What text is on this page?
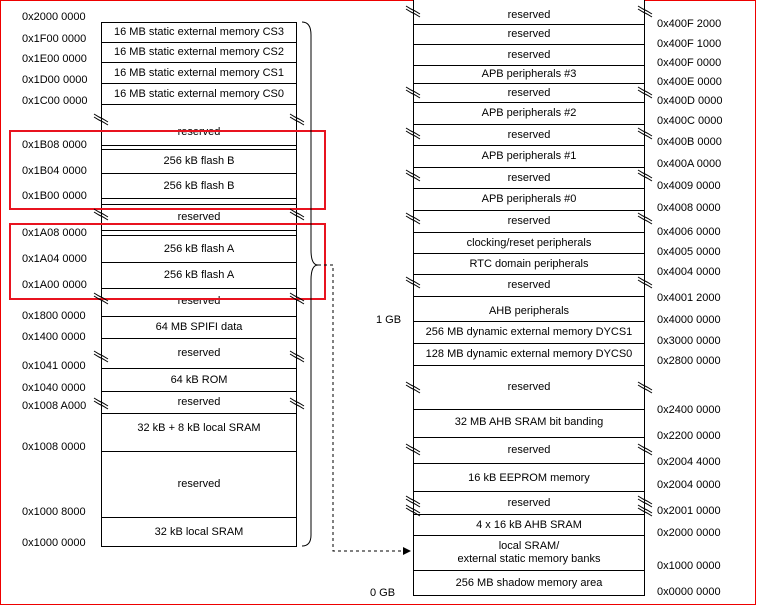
16 MB static external memory CS3
16 MB static external memory CS2
16 MB static external memory CS1
16 MB static external memory CS0
reserved
256 kB flash B
256 kB flash B
reserved
256 kB flash A
256 kB flash A
reserved
64 MB SPIFI data
reserved
64 kB ROM
reserved
32 kB + 8 kB local SRAM
reserved
32 kB local SRAM
0x2000 0000
0x1F00 0000
0x1E00 0000
0x1D00 0000
0x1C00 0000
0x1B08 0000
0x1B04 0000
0x1B00 0000
0x1A08 0000
0x1A04 0000
0x1A00 0000
0x1800 0000
0x1400 0000
0x1041 0000
0x1040 0000
0x1008 A000
0x1008 0000
0x1000 8000
0x1000 0000
reserved
reserved
reserved
APB peripherals #3
reserved
APB peripherals #2
reserved
APB peripherals #1
reserved
APB peripherals #0
reserved
clocking/reset peripherals
RTC domain peripherals
reserved
AHB peripherals
256 MB dynamic external memory DYCS1
128 MB dynamic external memory DYCS0
reserved
32 MB AHB SRAM bit banding
reserved
16 kB EEPROM memory
reserved
4 x 16 kB AHB SRAM
local SRAM/
external static memory banks
256 MB shadow memory area
0x400F 2000
0x400F 1000
0x400F 0000
0x400E 0000
0x400D 0000
0x400C 0000
0x400B 0000
0x400A 0000
0x4009 0000
0x4008 0000
0x4006 0000
0x4005 0000
0x4004 0000
0x4001 2000
0x4000 0000
0x3000 0000
0x2800 0000
0x2400 0000
0x2200 0000
0x2004 4000
0x2004 0000
0x2001 0000
0x2000 0000
0x1000 0000
0x0000 0000
1 GB
0 GB
